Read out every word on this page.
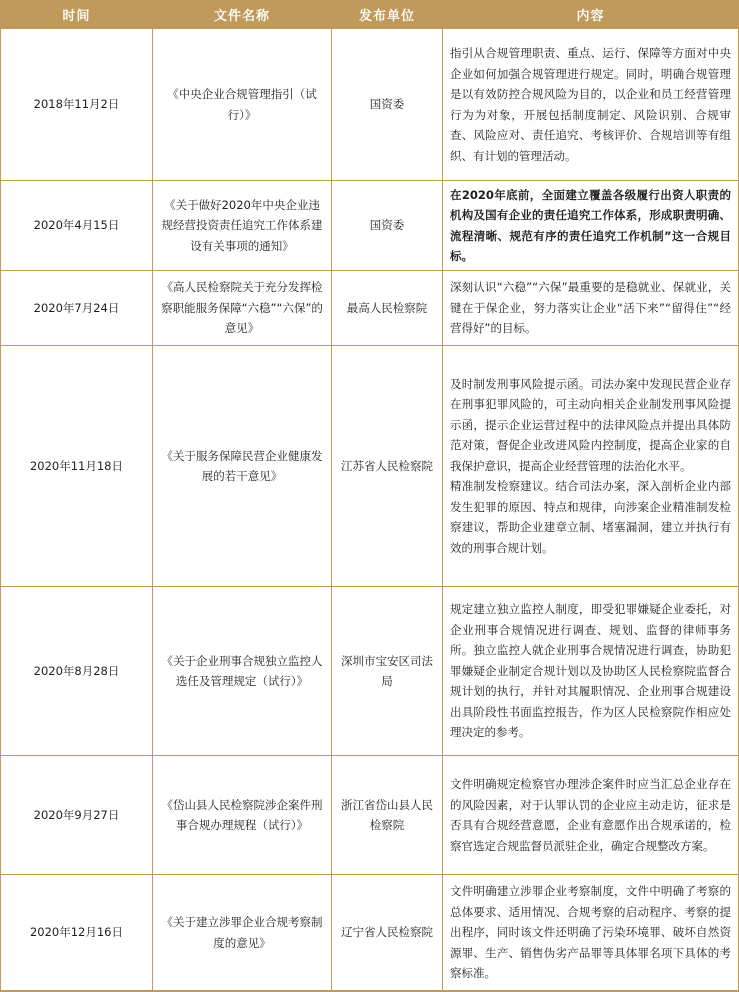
时间	文件名称	发布单位	内容
2018年11月2日	《中央企业合规管理指引（试行）》	国资委	指引从合规管理职责、重点、运行、保障等方面对中央企业如何加强合规管理进行规定。同时，明确合规管理是以有效防控合规风险为目的，以企业和员工经营管理行为为对象，开展包括制度制定、风险识别、合规审查、风险应对、责任追究、考核评价、合规培训等有组织、有计划的管理活动。

2020年4月15日	《关于做好2020年中央企业违规经营投资责任追究工作体系建设有关事项的通知》	国资委	在2020年底前，全面建立覆盖各级履行出资人职责的机构及国有企业的责任追究工作体系，形成职责明确、流程清晰、规范有序的责任追究工作机制”这一合规目标。

2020年7月24日	《高人民检察院关于充分发挥检察职能服务保障“六稳”“六保”的意见》	最高人民检察院	深刻认识“六稳”“六保”最重要的是稳就业、保就业，关键在于保企业，努力落实让企业“活下来”“留得住”“经营得好”的目标。

2020年11月18日	《关于服务保障民营企业健康发展的若干意见》	江苏省人民检察院	及时制发刑事风险提示函。司法办案中发现民营企业存在刑事犯罪风险的，可主动向相关企业制发刑事风险提示函，提示企业运营过程中的法律风险点并提出具体防范对策，督促企业改进风险内控制度，提高企业家的自我保护意识，提高企业经营管理的法治化水平。
精准制发检察建议。结合司法办案，深入剖析企业内部发生犯罪的原因、特点和规律，向涉案企业精准制发检察建议，帮助企业建章立制、堵塞漏洞，建立并执行有效的刑事合规计划。

2020年8月28日	《关于企业刑事合规独立监控人选任及管理规定（试行）》	深圳市宝安区司法局	规定建立独立监控人制度，即受犯罪嫌疑企业委托，对企业刑事合规情况进行调查、规划、监督的律师事务所。独立监控人就企业刑事合规情况进行调查，协助犯罪嫌疑企业制定合规计划以及协助区人民检察院监督合规计划的执行，并针对其履职情况、企业刑事合规建设出具阶段性书面监控报告，作为区人民检察院作相应处理决定的参考。

2020年9月27日	《岱山县人民检察院涉企案件刑事合规办理规程（试行）》	浙江省岱山县人民检察院	文件明确规定检察官办理涉企案件时应当汇总企业存在的风险因素，对于认罪认罚的企业应主动走访，征求是否具有合规经营意愿，企业有意愿作出合规承诺的，检察官选定合规监督员派驻企业，确定合规整改方案。

2020年12月16日	《关于建立涉罪企业合规考察制度的意见》	辽宁省人民检察院	文件明确建立涉罪企业考察制度，文件中明确了考察的总体要求、适用情况、合规考察的启动程序、考察的提出程序，同时该文件还明确了污染环境罪、破坏自然资源罪、生产、销售伪劣产品罪等具体罪名项下具体的考察标准。
